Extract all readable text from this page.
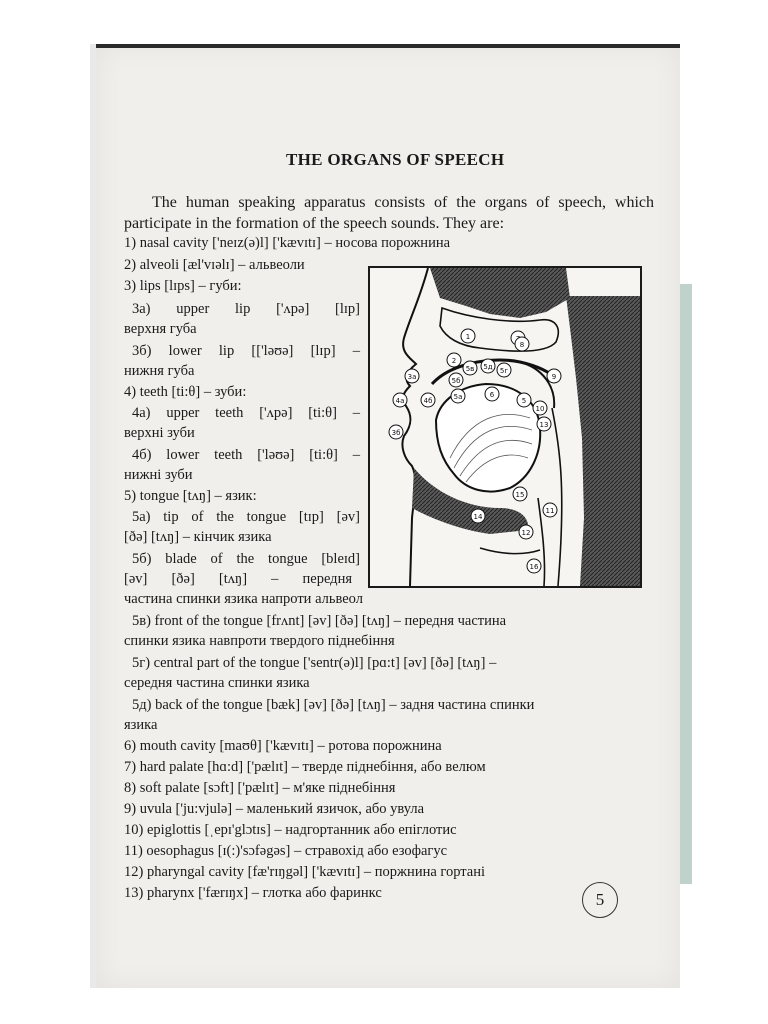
THE ORGANS OF SPEECH
The human speaking apparatus consists of the organs of speech, which participate in the formation of the speech sounds. They are:
1) nasal cavity ['neɪz(ə)l] ['kævɪtɪ] – носова порожнина
2) alveoli [æl'vɪəlɪ] – альвеоли
3) lips [lɪps] – губи:
3а) upper lip ['ʌpə] [lɪp]
верхня губа
3б) lower lip [['ləʊə] [lɪp] –
нижня губа
4) teeth [ti:θ] – зуби:
4а) upper teeth ['ʌpə] [ti:θ] –
верхні зуби
4б) lower teeth ['ləʊə] [ti:θ] –
нижні зуби
5) tongue [tʌŋ] – язик:
5а) tip of the tongue [tɪp] [əv]
[ðə] [tʌŋ] – кінчик язика
5б) blade of the tongue [bleɪd]
[əv] [ðə] [tʌŋ] – передня
частина спинки язика напроти альвеол
5в) front of the tongue [frʌnt] [əv] [ðə] [tʌŋ] – передня частина
спинки язика навпроти твердого піднебіння
5г) central part of the tongue ['sentr(ə)l] [pɑ:t] [əv] [ðə] [tʌŋ] –
середня частина спинки язика
5д) back of the tongue [bæk] [əv] [ðə] [tʌŋ] – задня частина спинки
язика
6) mouth cavity [maʊθ] ['kævɪtɪ] – ротова порожнина
7) hard palate [hɑ:d] ['pælɪt] – тверде піднебіння, або велюм
8) soft palate [sɔft] ['pælɪt] – м'яке піднебіння
9) uvula ['ju:vjulə] – маленький язичок, або увула
10) epiglottis [ˌepɪ'glɔtɪs] – надгортанник або епіглотис
11) oesophagus [ɪ(:)'sɔfəgəs] – стравохід або езофагус
12) pharyngal cavity [fæ'rɪŋgəl] ['kævɪtɪ] – поржнина гортані
13) pharynx ['færɪŋx] – глотка або фаринкс
1
8
2
5д
5в	5г
3а	5б	9
4а	4б	5а	6
5
10
13
3б
15
11
14
12
16
5
